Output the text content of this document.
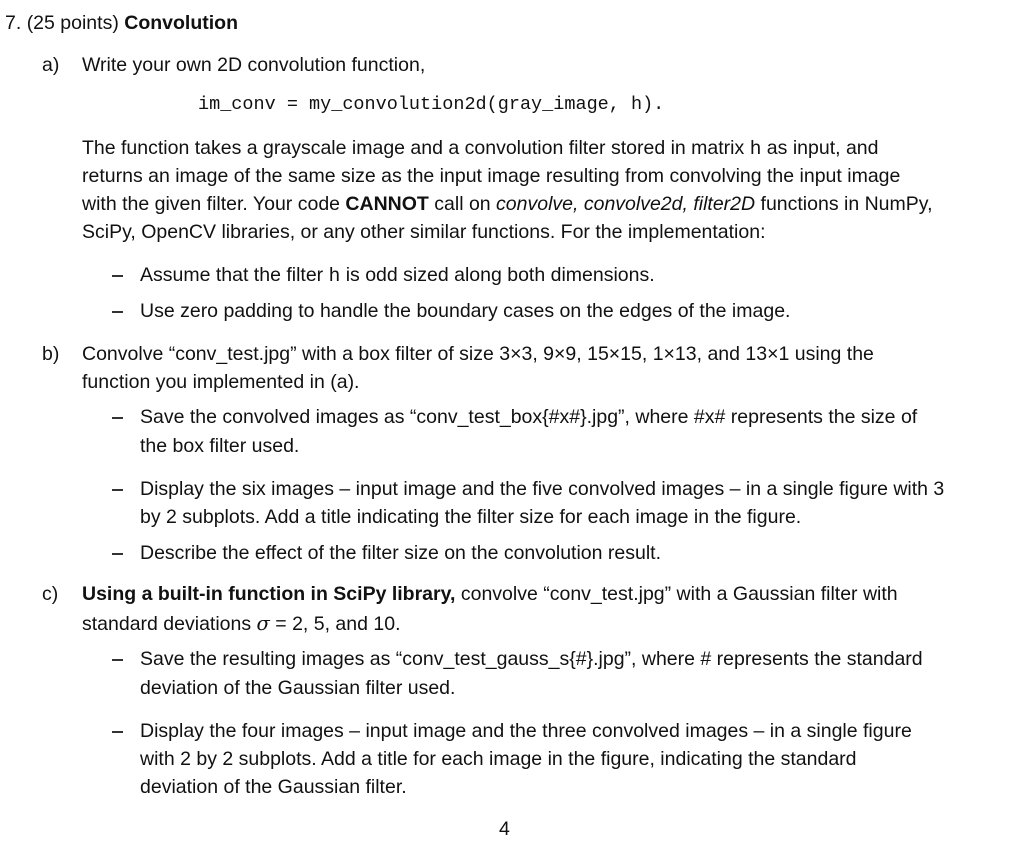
7. (25 points) Convolution
a) Write your own 2D convolution function,
im_conv = my_convolution2d(gray_image, h).
The function takes a grayscale image and a convolution filter stored in matrix h as input, and
returns an image of the same size as the input image resulting from convolving the input image
with the given filter. Your code CANNOT call on convolve, convolve2d, filter2D functions in NumPy,
SciPy, OpenCV libraries, or any other similar functions. For the implementation:
Assume that the filter h is odd sized along both dimensions.
Use zero padding to handle the boundary cases on the edges of the image.
b) Convolve “conv_test.jpg” with a box filter of size 3×3, 9×9, 15×15, 1×13, and 13×1 using the
function you implemented in (a).
Save the convolved images as “conv_test_box{#x#}.jpg”, where #x# represents the size of
the box filter used.
Display the six images – input image and the five convolved images – in a single figure with 3
by 2 subplots. Add a title indicating the filter size for each image in the figure.
Describe the effect of the filter size on the convolution result.
c) Using a built-in function in SciPy library, convolve “conv_test.jpg” with a Gaussian filter with
standard deviations σ = 2, 5, and 10.
Save the resulting images as “conv_test_gauss_s{#}.jpg”, where # represents the standard
deviation of the Gaussian filter used.
Display the four images – input image and the three convolved images – in a single figure
with 2 by 2 subplots. Add a title for each image in the figure, indicating the standard
deviation of the Gaussian filter.
4
